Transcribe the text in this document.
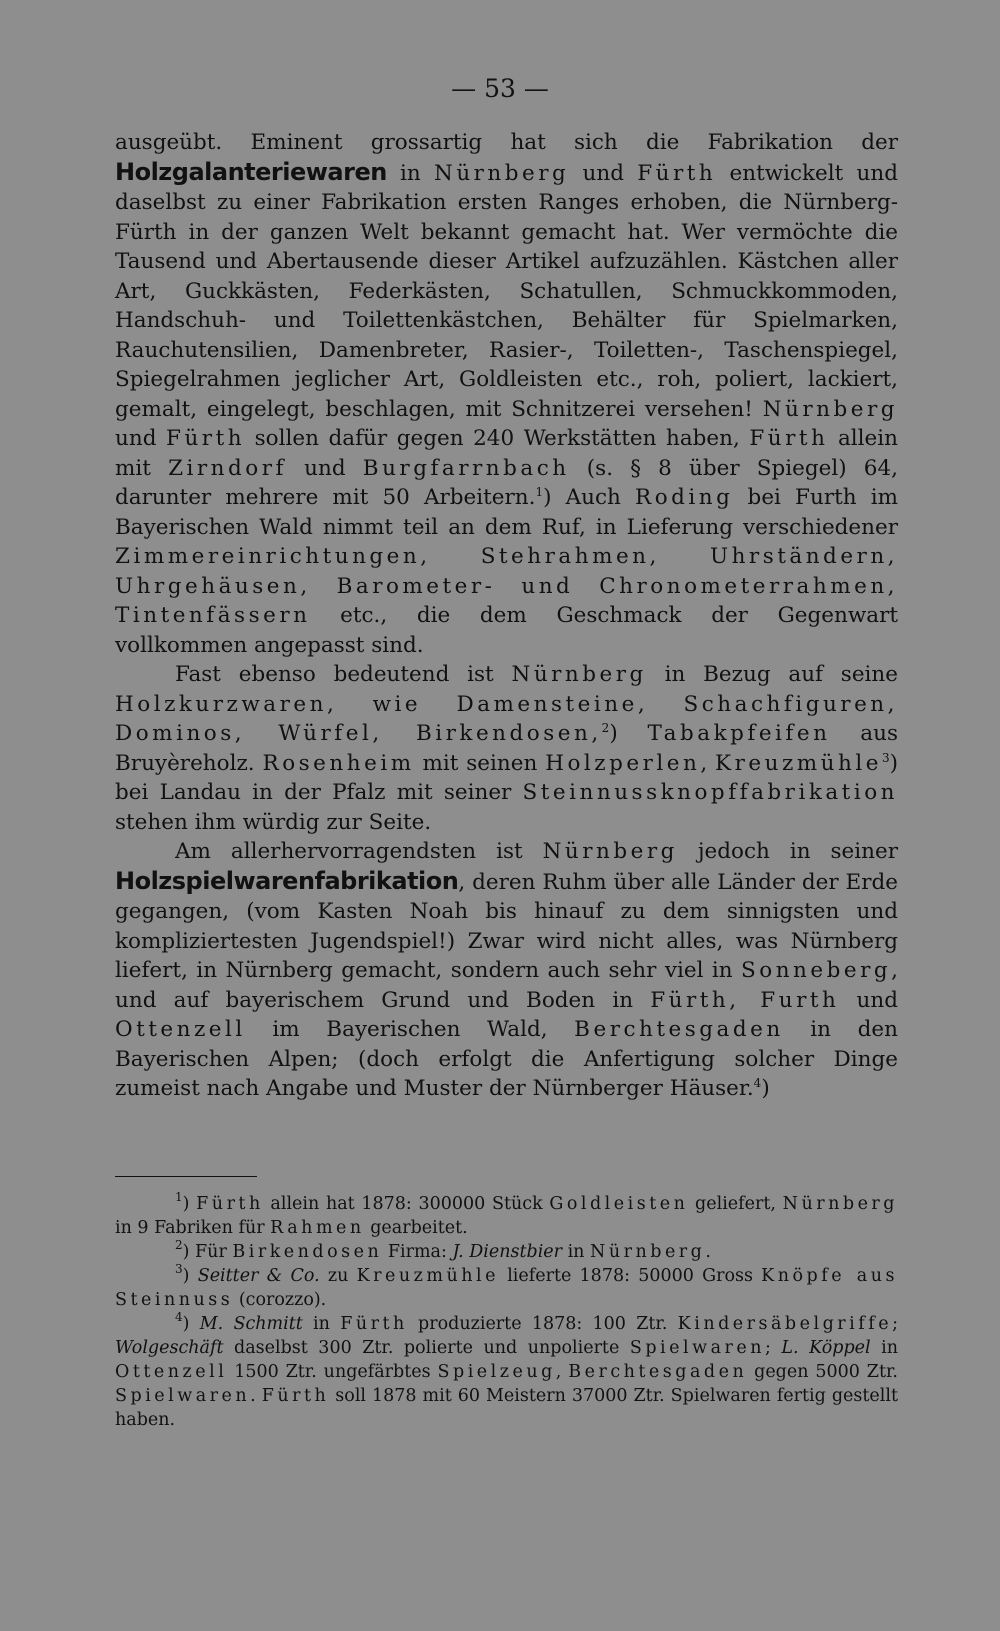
— 53 —

ausgeübt. Eminent grossartig hat sich die Fabrikation der Holzgalanteriewaren in Nürnberg und Fürth entwickelt und daselbst zu einer Fabrikation ersten Ranges erhoben, die Nürnberg-Fürth in der ganzen Welt bekannt gemacht hat. Wer vermöchte die Tausend und Abertausende dieser Artikel aufzuzählen. Kästchen aller Art, Guckkästen, Federkästen, Schatullen, Schmuckkommoden, Handschuh- und Toilettenkästchen, Behälter für Spielmarken, Rauchutensilien, Damenbreter, Rasier-, Toiletten-, Taschenspiegel, Spiegelrahmen jeglicher Art, Goldleisten etc., roh, poliert, lackiert, gemalt, eingelegt, beschlagen, mit Schnitzerei versehen! Nürnberg und Fürth sollen dafür gegen 240 Werkstätten haben, Fürth allein mit Zirndorf und Burgfarrnbach (s. § 8 über Spiegel) 64, darunter mehrere mit 50 Arbeitern.$^1$) Auch Roding bei Furth im Bayerischen Wald nimmt teil an dem Ruf, in Lieferung verschiedener Zimmereinrichtungen, Stehrahmen, Uhrständern, Uhrgehäusen, Barometer- und Chronometerrahmen, Tintenfässern etc., die dem Geschmack der Gegenwart vollkommen angepasst sind.

Fast ebenso bedeutend ist Nürnberg in Bezug auf seine Holzkurzwaren, wie Damensteine, Schachfiguren, Dominos, Würfel, Birkendosen,$^2$) Tabakpfeifen aus Bruyèreholz. Rosenheim mit seinen Holzperlen, Kreuzmühle$^3$) bei Landau in der Pfalz mit seiner Steinnussknopffabrikation stehen ihm würdig zur Seite.

Am allerhervorragendsten ist Nürnberg jedoch in seiner Holzspielwarenfabrikation, deren Ruhm über alle Länder der Erde gegangen, (vom Kasten Noah bis hinauf zu dem sinnigsten und kompliziertesten Jugendspiel!) Zwar wird nicht alles, was Nürnberg liefert, in Nürnberg gemacht, sondern auch sehr viel in Sonneberg, und auf bayerischem Grund und Boden in Fürth, Furth und Ottenzell im Bayerischen Wald, Berchtesgaden in den Bayerischen Alpen; (doch erfolgt die Anfertigung solcher Dinge zumeist nach Angabe und Muster der Nürnberger Häuser.$^4$)

$^1$) Fürth allein hat 1878: 300000 Stück Goldleisten geliefert, Nürnberg in 9 Fabriken für Rahmen gearbeitet.

$^2$) Für Birkendosen Firma: J. Dienstbier in Nürnberg.

$^3$) Seitter & Co. zu Kreuzmühle lieferte 1878: 50000 Gross Knöpfe aus Steinnuss (corozzo).

$^4$) M. Schmitt in Fürth produzierte 1878: 100 Ztr. Kindersäbelgriffe; Wolgeschäft daselbst 300 Ztr. polierte und unpolierte Spielwaren; L. Köppel in Ottenzell 1500 Ztr. ungefärbtes Spielzeug, Berchtesgaden gegen 5000 Ztr. Spielwaren. Fürth soll 1878 mit 60 Meistern 37000 Ztr. Spielwaren fertig gestellt haben.
